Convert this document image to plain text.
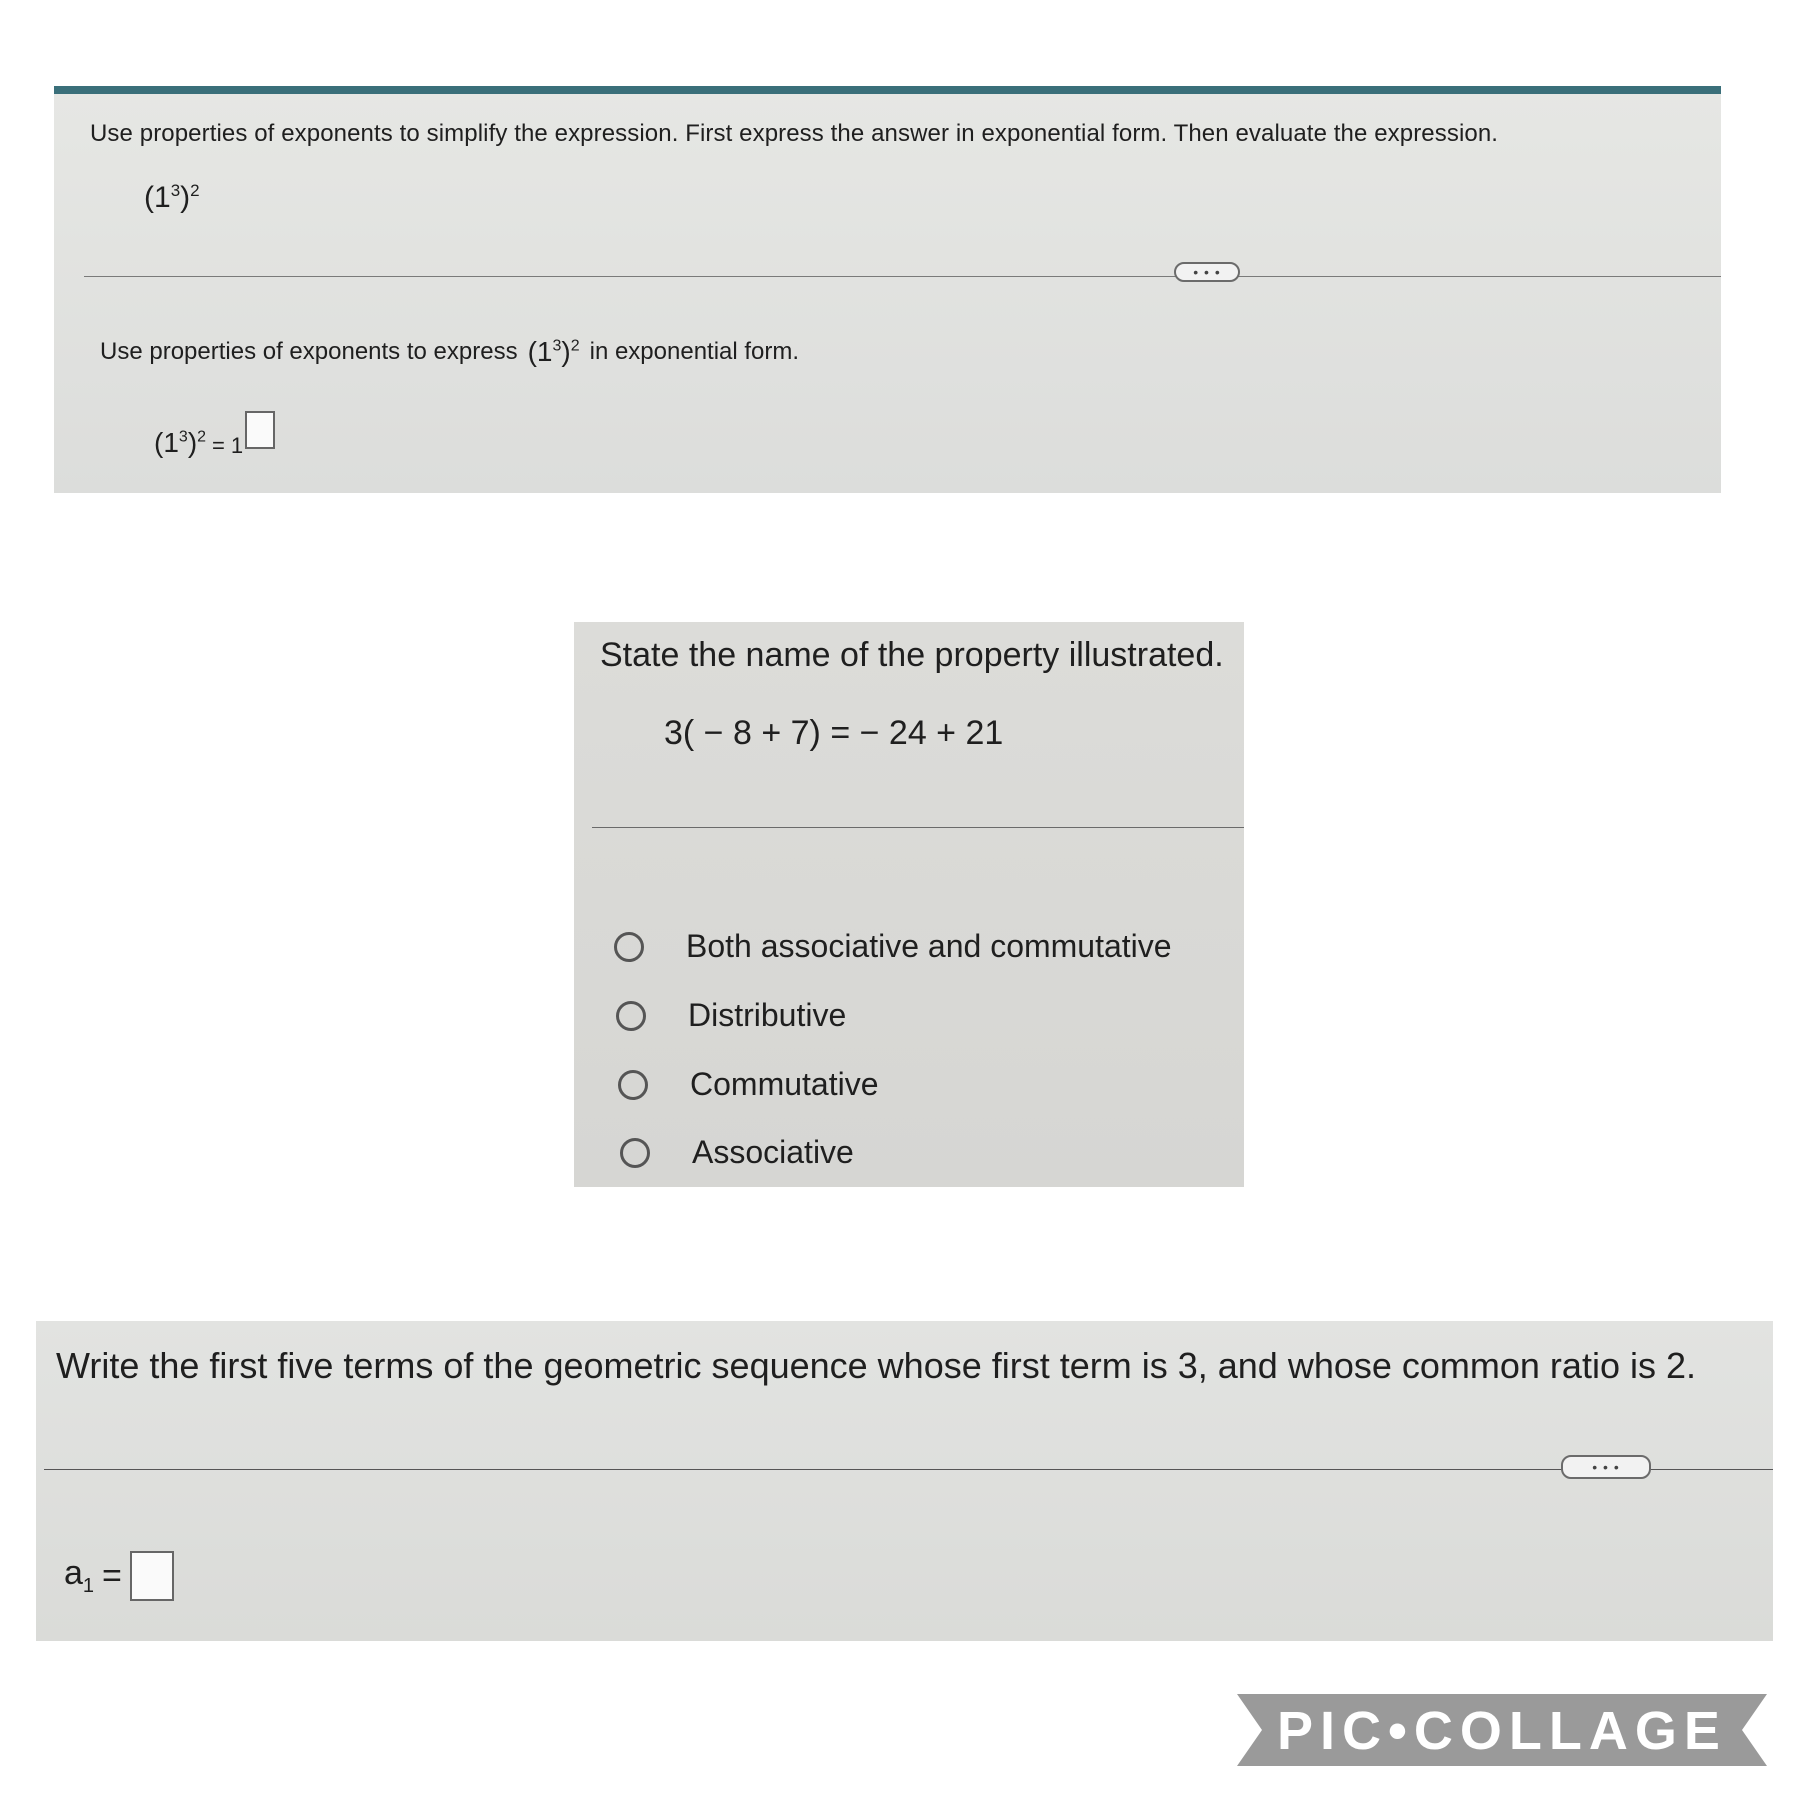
Use properties of exponents to simplify the expression. First express the answer in exponential form. Then evaluate the expression.
$(1^3)^2$
• • •
Use properties of exponents to express $(1^3)^2$ in exponential form.
$(1^3)^2 = 1$
State the name of the property illustrated.
3( − 8 + 7) = − 24 + 21
Both associative and commutative
Distributive
Commutative
Associative
Write the first five terms of the geometric sequence whose first term is 3, and whose common ratio is 2.
• • •
$a_1$ =
PIC•COLLAGE
